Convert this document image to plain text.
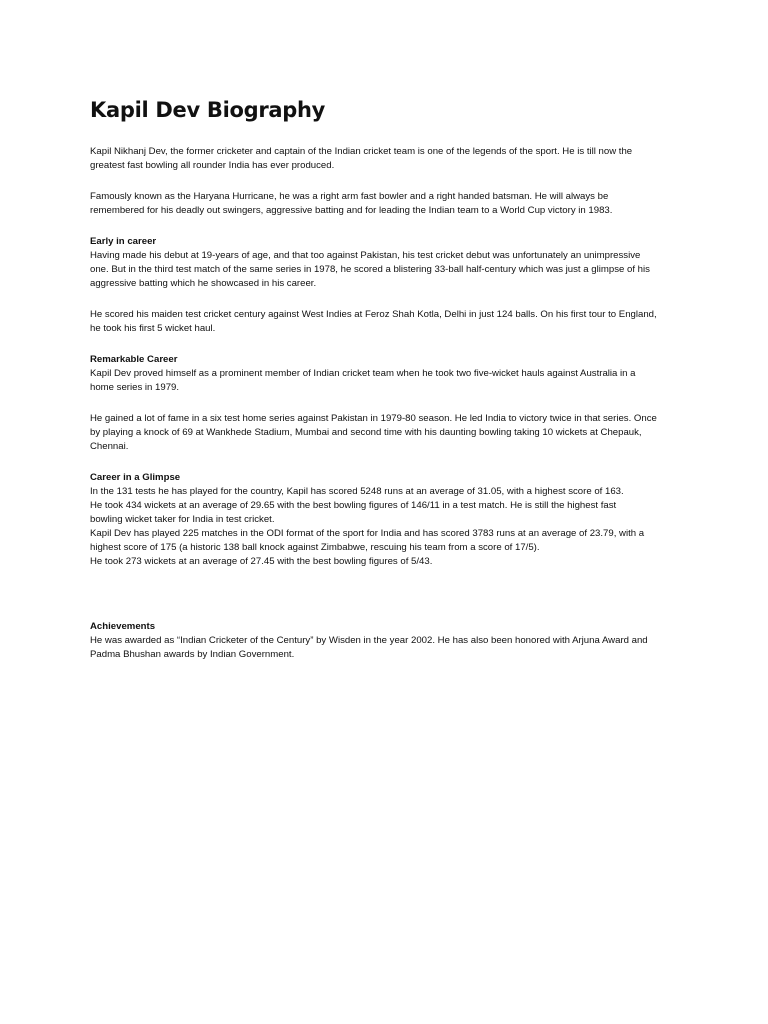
Kapil Dev Biography

Kapil Nikhanj Dev, the former cricketer and captain of the Indian cricket team is one of the legends of the sport. He is till now the
greatest fast bowling all rounder India has ever produced.

Famously known as the Haryana Hurricane, he was a right arm fast bowler and a right handed batsman. He will always be
remembered for his deadly out swingers, aggressive batting and for leading the Indian team to a World Cup victory in 1983.

Early in career

Having made his debut at 19-years of age, and that too against Pakistan, his test cricket debut was unfortunately an unimpressive
one. But in the third test match of the same series in 1978, he scored a blistering 33-ball half-century which was just a glimpse of his
aggressive batting which he showcased in his career.

He scored his maiden test cricket century against West Indies at Feroz Shah Kotla, Delhi in just 124 balls. On his first tour to England,
he took his first 5 wicket haul.

Remarkable Career

Kapil Dev proved himself as a prominent member of Indian cricket team when he took two five-wicket hauls against Australia in a
home series in 1979.

He gained a lot of fame in a six test home series against Pakistan in 1979-80 season. He led India to victory twice in that series. Once
by playing a knock of 69 at Wankhede Stadium, Mumbai and second time with his daunting bowling taking 10 wickets at Chepauk,
Chennai.

Career in a Glimpse

In the 131 tests he has played for the country, Kapil has scored 5248 runs at an average of 31.05, with a highest score of 163.
He took 434 wickets at an average of 29.65 with the best bowling figures of 146/11 in a test match. He is still the highest fast
bowling wicket taker for India in test cricket.
Kapil Dev has played 225 matches in the ODI format of the sport for India and has scored 3783 runs at an average of 23.79, with a
highest score of 175 (a historic 138 ball knock against Zimbabwe, rescuing his team from a score of 17/5).
He took 273 wickets at an average of 27.45 with the best bowling figures of 5/43.

Achievements

He was awarded as “Indian Cricketer of the Century” by Wisden in the year 2002. He has also been honored with Arjuna Award and
Padma Bhushan awards by Indian Government.
